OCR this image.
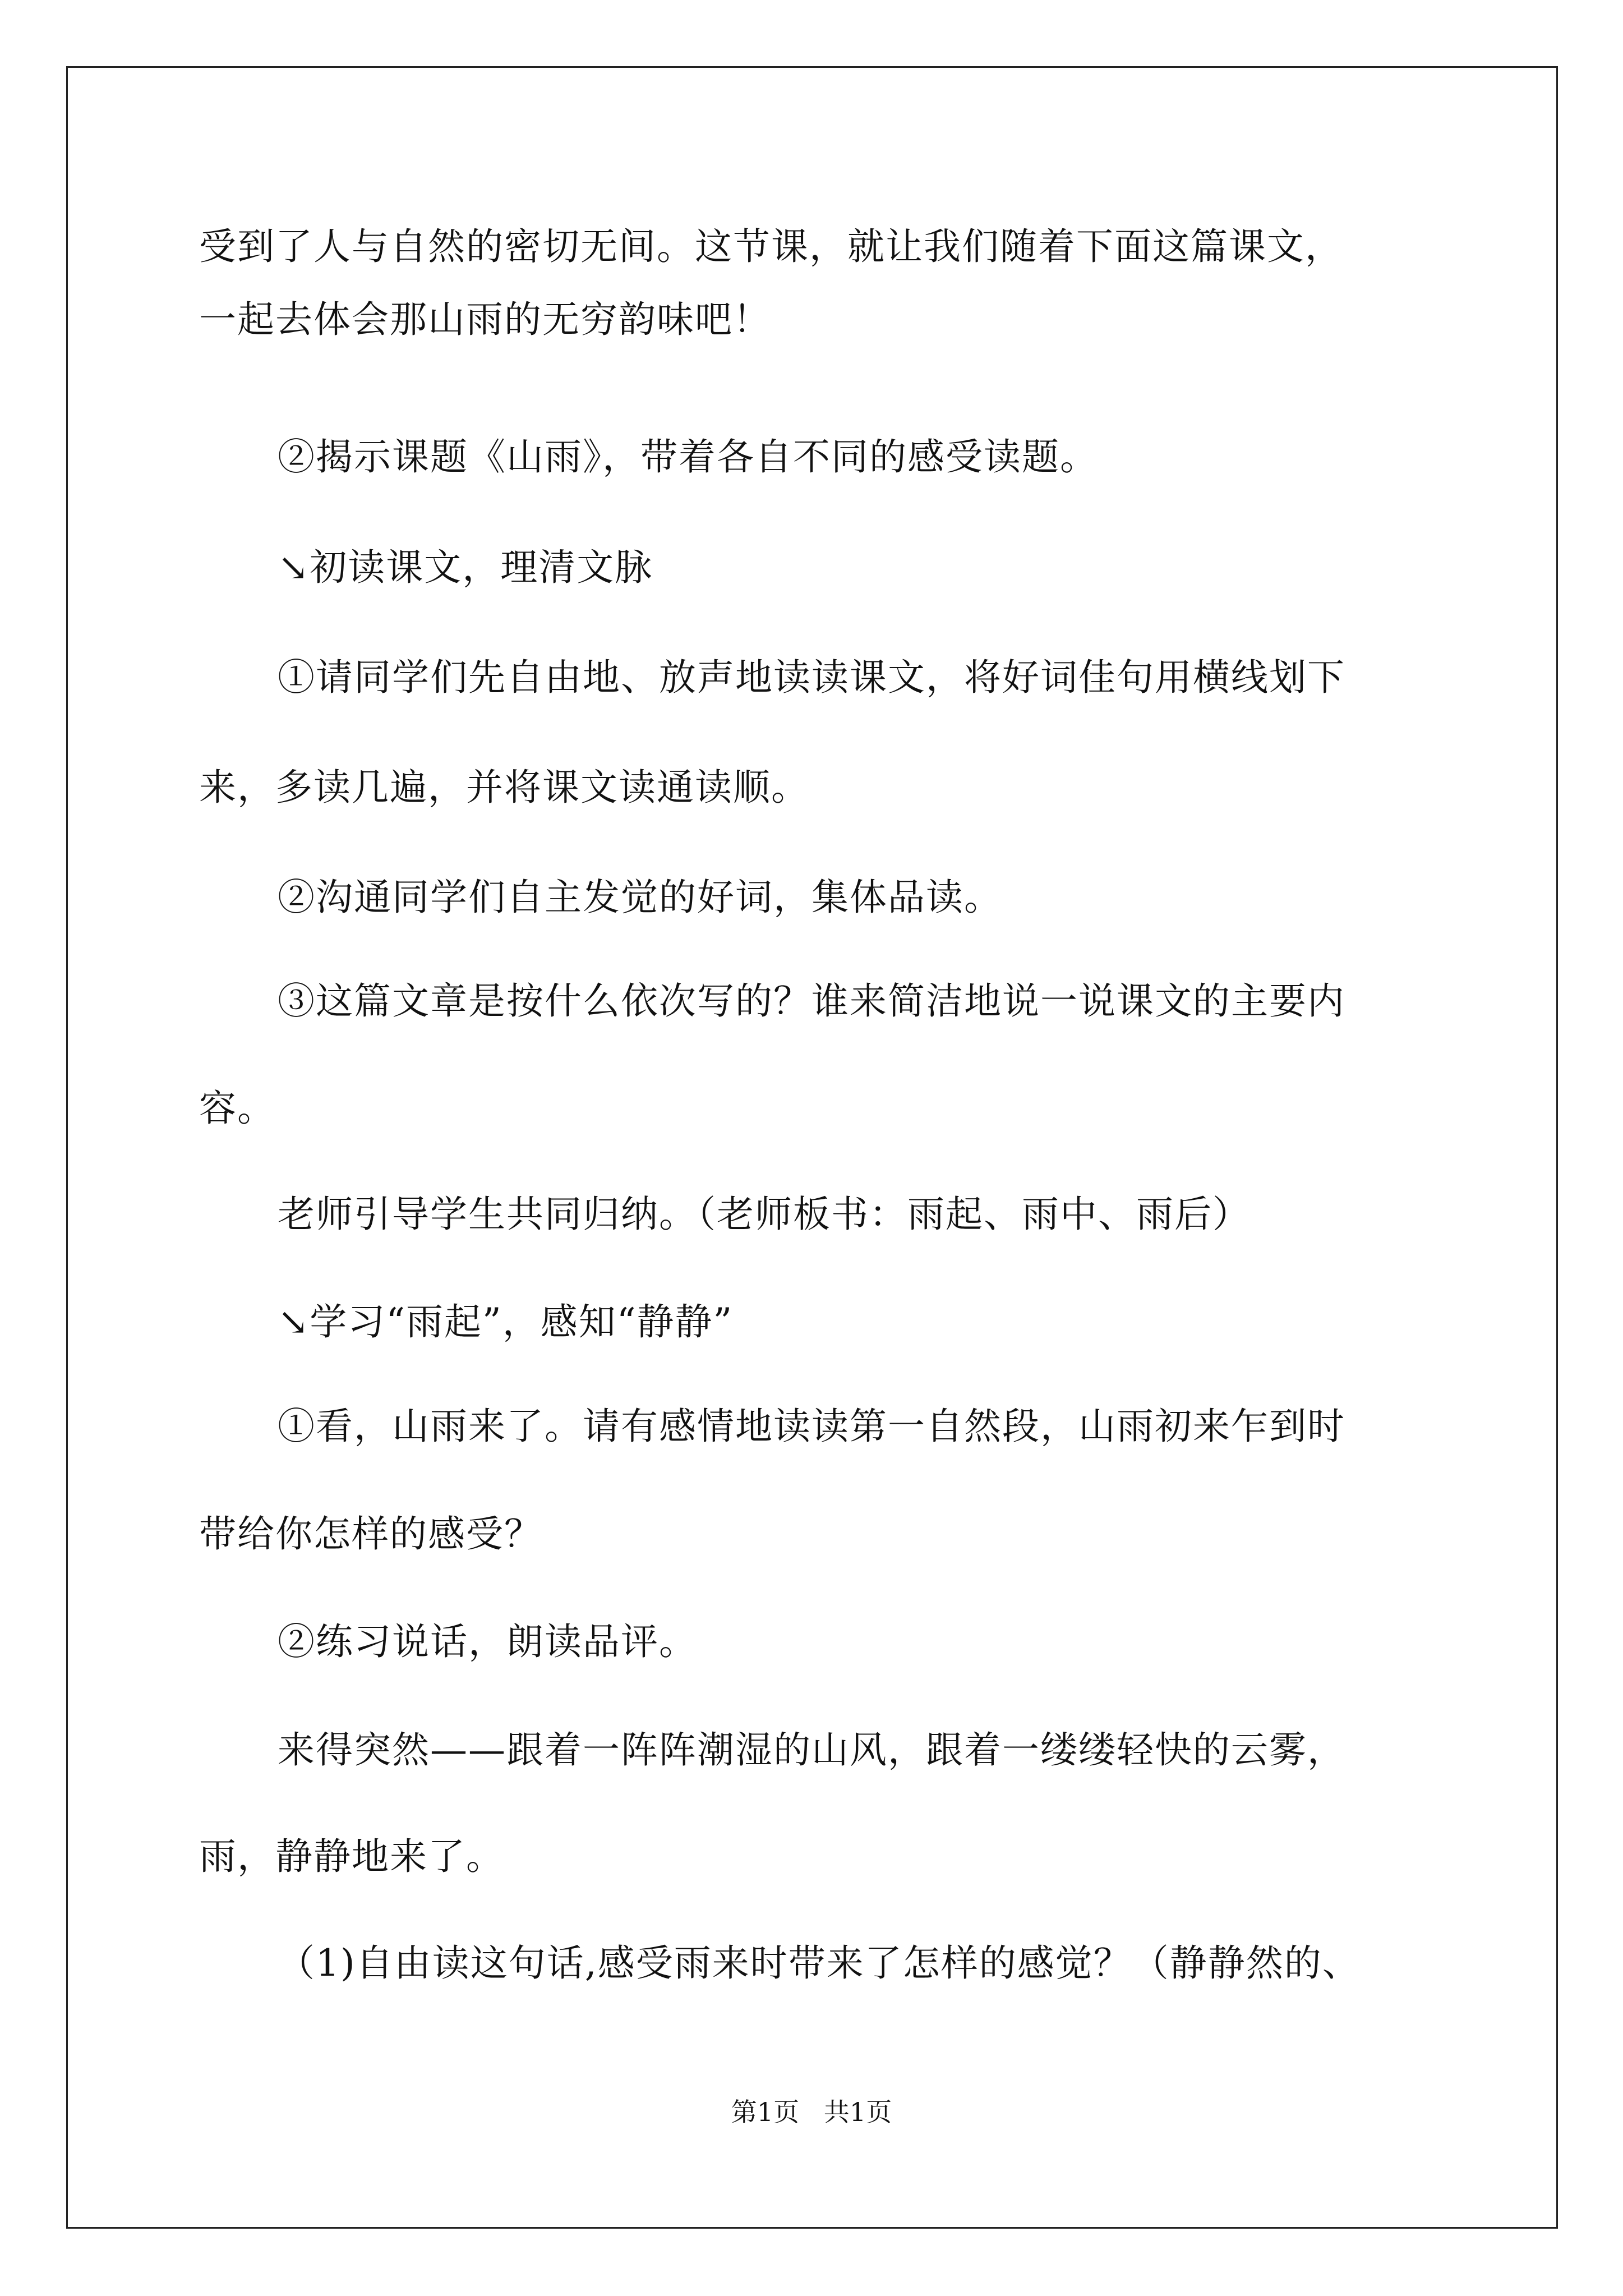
受到了人与自然的密切无间。这节课，就让我们随着下面这篇课文，
一起去体会那山雨的无穷韵味吧！
②揭示课题《山雨》，带着各自不同的感受读题。
↘初读课文，理清文脉
①请同学们先自由地、放声地读读课文，将好词佳句用横线划下
来，多读几遍，并将课文读通读顺。
②沟通同学们自主发觉的好词，集体品读。
③这篇文章是按什么依次写的？谁来简洁地说一说课文的主要内
容。
老师引导学生共同归纳。（老师板书：雨起、雨中、雨后）
↘学习“雨起”，感知“静静”
①看，山雨来了。请有感情地读读第一自然段，山雨初来乍到时
带给你怎样的感受？
②练习说话，朗读品评。
来得突然——跟着一阵阵潮湿的山风，跟着一缕缕轻快的云雾，
雨，静静地来了。
（1)自由读这句话,感受雨来时带来了怎样的感觉？（静静然的、
第1页   共1页
